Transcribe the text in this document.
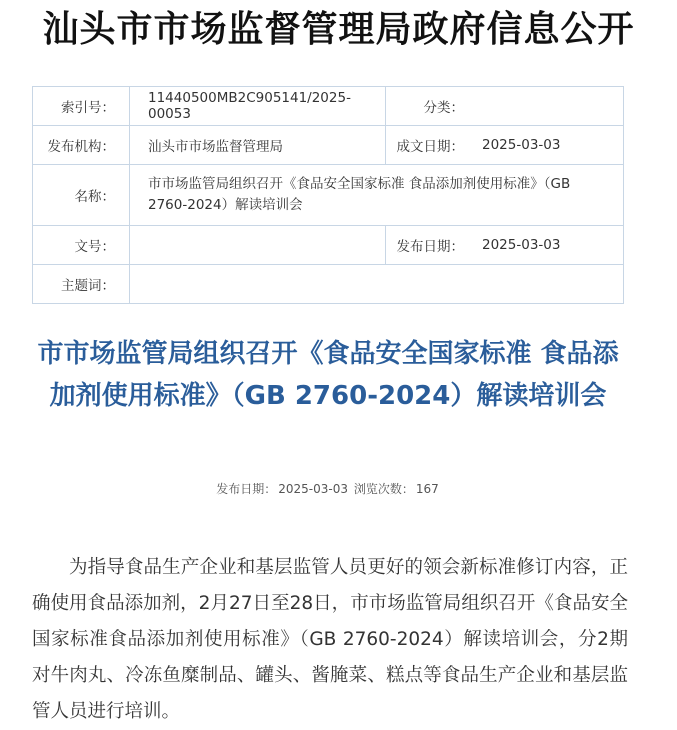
汕头市市场监督管理局政府信息公开
索引号：	11440500MB2C905141/2025-00053	分类：	
发布机构：	汕头市市场监督管理局	成文日期：	2025-03-03
名称：	市市场监管局组织召开《食品安全国家标准 食品添加剂使用标准》（GB 2760-2024）解读培训会		
文号：		发布日期：	2025-03-03
主题词：			
市市场监管局组织召开《食品安全国家标准 食品添加剂使用标准》（GB 2760-2024）解读培训会
发布日期： 2025-03-03 浏览次数： 167

为指导食品生产企业和基层监管人员更好的领会新标准修订内容，正确使用食品添加剂，2月27日至28日，市市场监管局组织召开《食品安全国家标准食品添加剂使用标准》（GB 2760-2024）解读培训会，分2期对牛肉丸、冷冻鱼糜制品、罐头、酱腌菜、糕点等食品生产企业和基层监管人员进行培训。
